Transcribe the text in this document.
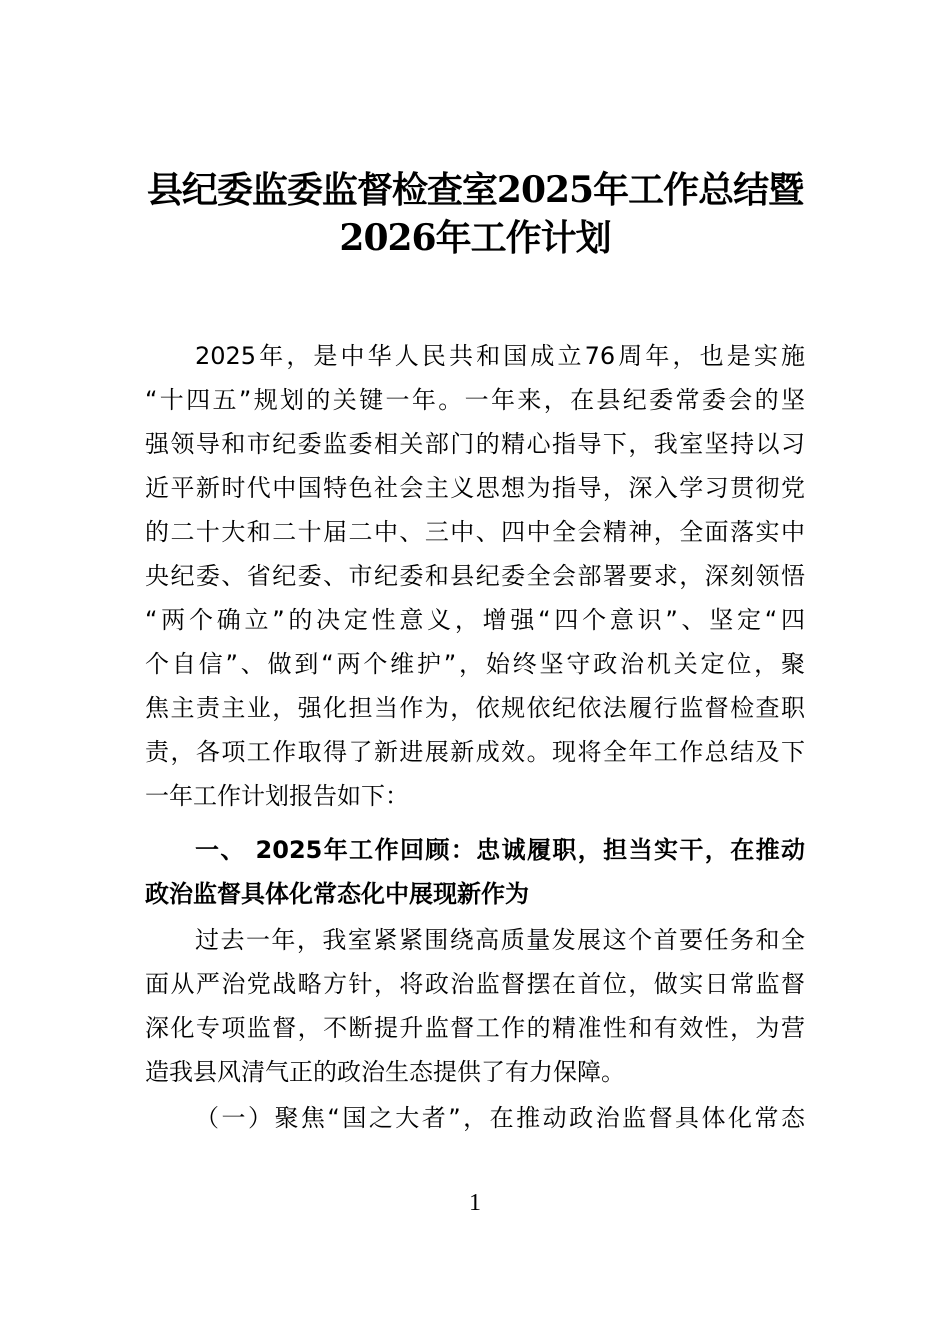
县纪委监委监督检查室2025年工作总结暨
2026年工作计划
2025年，是中华人民共和国成立76周年，也是实施
“十四五”规划的关键一年。一年来，在县纪委常委会的坚
强领导和市纪委监委相关部门的精心指导下，我室坚持以习
近平新时代中国特色社会主义思想为指导，深入学习贯彻党
的二十大和二十届二中、三中、四中全会精神，全面落实中
央纪委、省纪委、市纪委和县纪委全会部署要求，深刻领悟
“两个确立”的决定性意义，增强“四个意识”、坚定“四
个自信”、做到“两个维护”，始终坚守政治机关定位，聚
焦主责主业，强化担当作为，依规依纪依法履行监督检查职
责，各项工作取得了新进展新成效。现将全年工作总结及下
一年工作计划报告如下：
一、 2025年工作回顾：忠诚履职，担当实干，在推动
政治监督具体化常态化中展现新作为
过去一年，我室紧紧围绕高质量发展这个首要任务和全
面从严治党战略方针，将政治监督摆在首位，做实日常监督
深化专项监督，不断提升监督工作的精准性和有效性，为营
造我县风清气正的政治生态提供了有力保障。
（一）聚焦“国之大者”，在推动政治监督具体化常态
1
